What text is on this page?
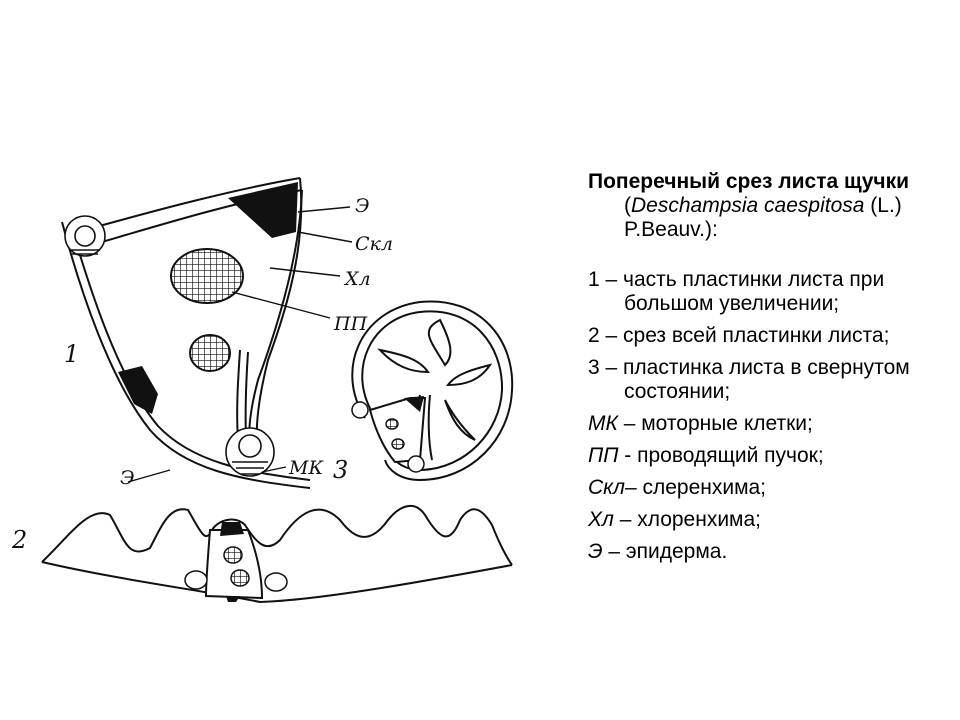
Э
Скл
Хл
ПП
Э	МК
1
2
3
Поперечный срез листа щучки (Deschampsia caespitosa (L.) P.Beauv.):
1 – часть пластинки листа при большом увеличении;
2 – срез всей пластинки листа;
3 – пластинка листа в свернутом состоянии;
МК – моторные клетки;
ПП - проводящий пучок;
Скл– слеренхима;
Хл – хлоренхима;
Э – эпидерма.
